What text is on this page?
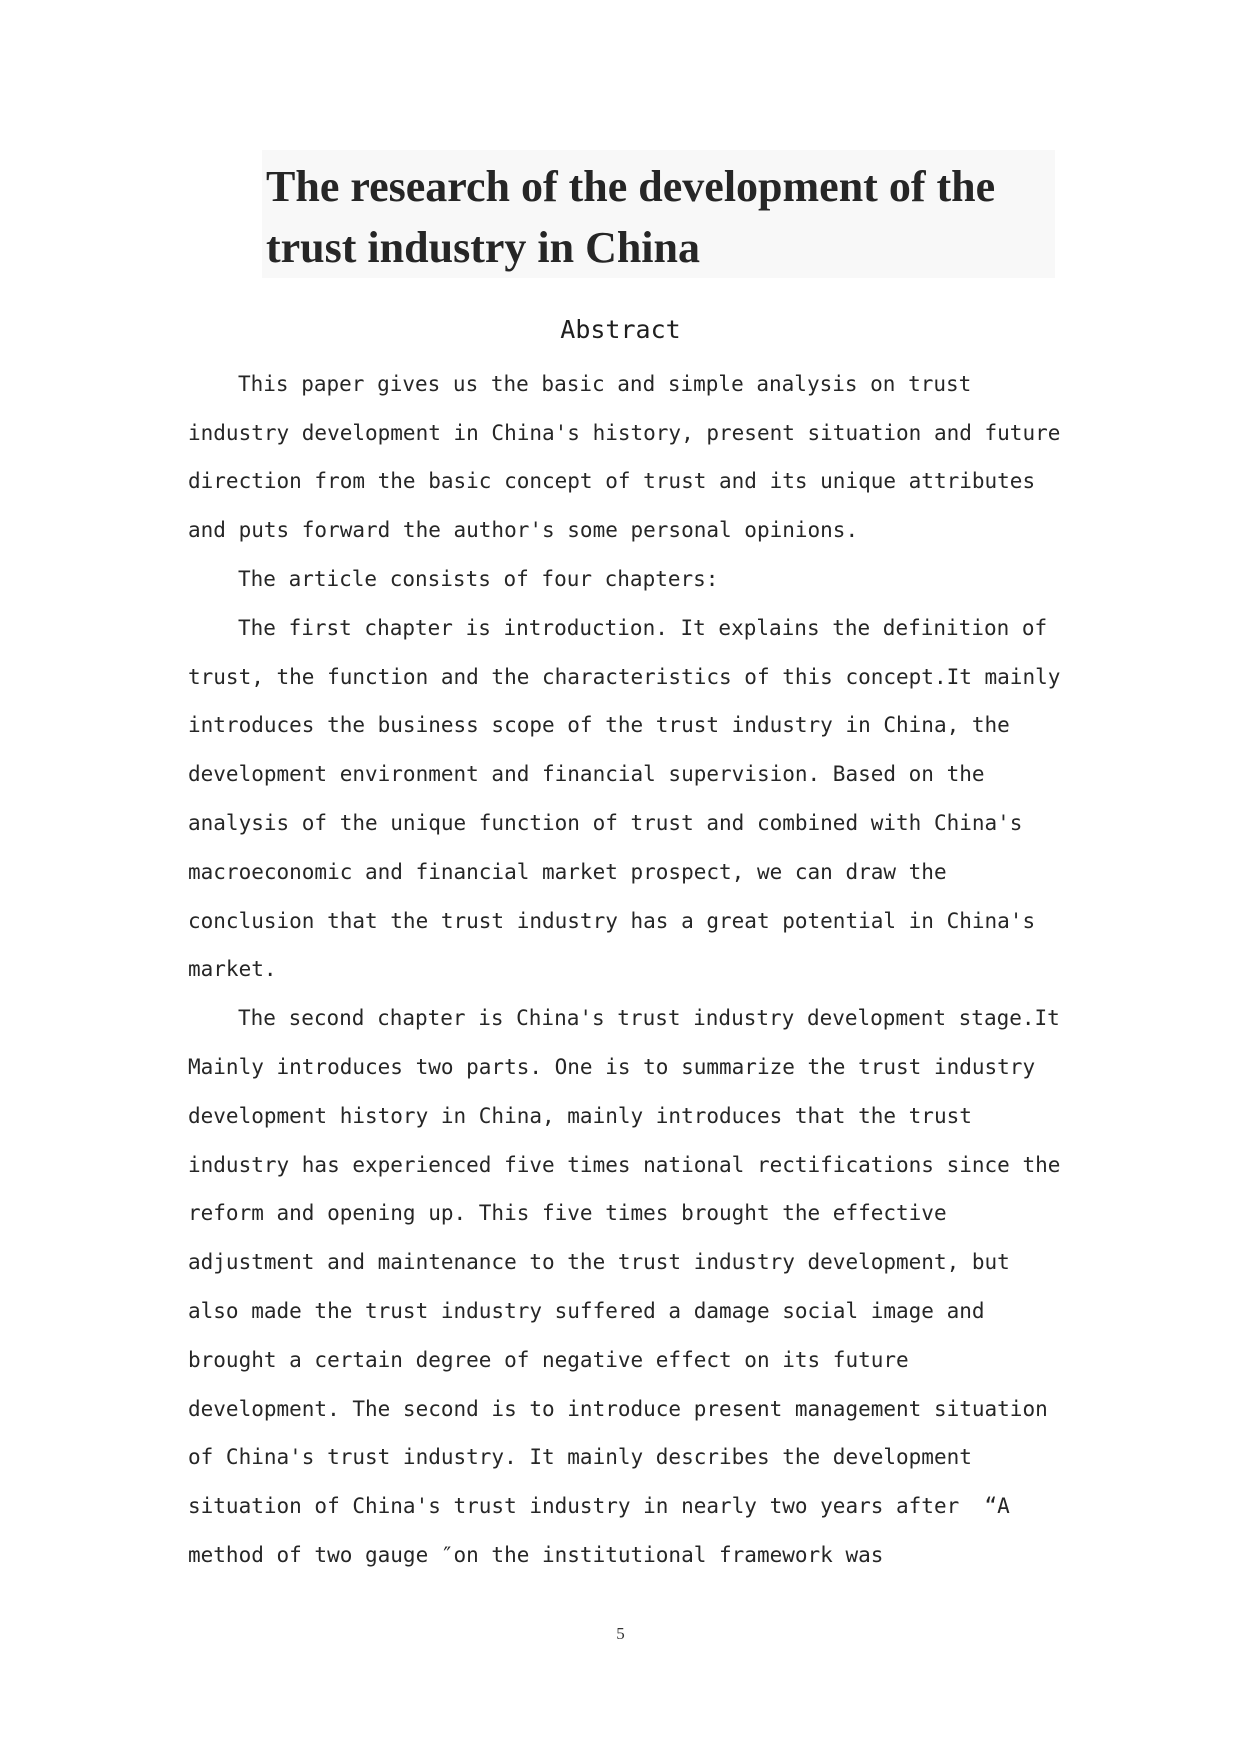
The research of the development of the
trust industry in China
Abstract
This paper gives us the basic and simple analysis on trust
industry development in China's history, present situation and future
direction from the basic concept of trust and its unique attributes
and puts forward the author's some personal opinions.
The article consists of four chapters:
The first chapter is introduction. It explains the definition of
trust, the function and the characteristics of this concept.It mainly
introduces the business scope of the trust industry in China, the
development environment and financial supervision. Based on the
analysis of the unique function of trust and combined with China's
macroeconomic and financial market prospect, we can draw the
conclusion that the trust industry has a great potential in China's
market.
The second chapter is China's trust industry development stage.It
Mainly introduces two parts. One is to summarize the trust industry
development history in China, mainly introduces that the trust
industry has experienced five times national rectifications since the
reform and opening up. This five times brought the effective
adjustment and maintenance to the trust industry development, but
also made the trust industry suffered a damage social image and
brought a certain degree of negative effect on its future
development. The second is to introduce present management situation
of China's trust industry. It mainly describes the development
situation of China's trust industry in nearly two years after  “A
method of two gauge ″on the institutional framework was
5
